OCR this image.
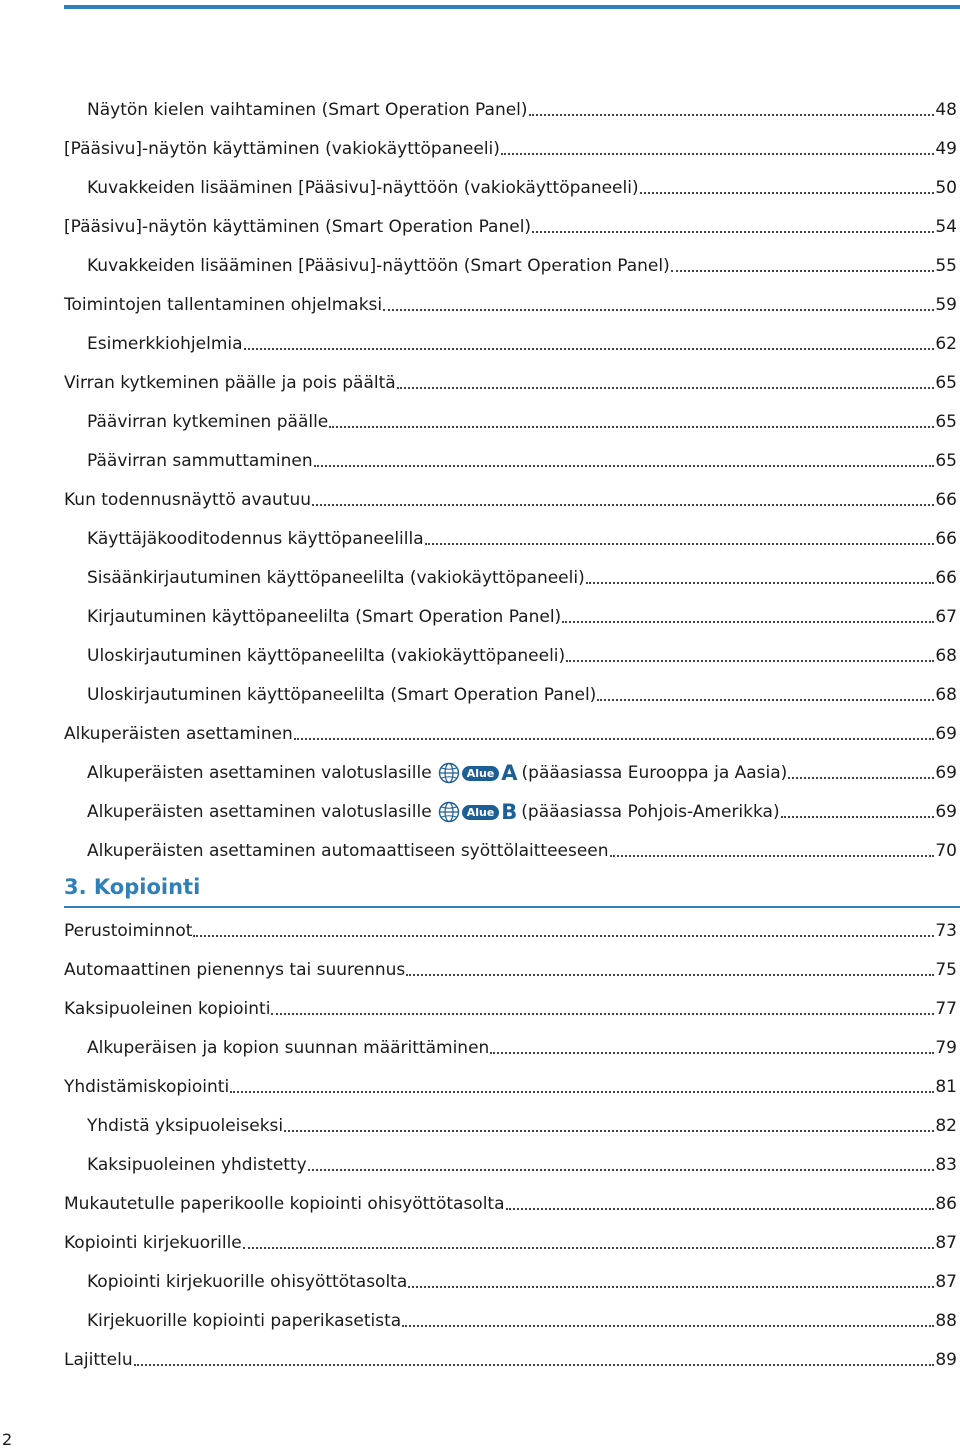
Näytön kielen vaihtaminen (Smart Operation Panel)	48
[Pääsivu]-näytön käyttäminen (vakiokäyttöpaneeli)	49
Kuvakkeiden lisääminen [Pääsivu]-näyttöön (vakiokäyttöpaneeli)	50
[Pääsivu]-näytön käyttäminen (Smart Operation Panel)	54
Kuvakkeiden lisääminen [Pääsivu]-näyttöön (Smart Operation Panel)	55
Toimintojen tallentaminen ohjelmaksi	59
Esimerkkiohjelmia	62
Virran kytkeminen päälle ja pois päältä	65
Päävirran kytkeminen päälle	65
Päävirran sammuttaminen	65
Kun todennusnäyttö avautuu	66
Käyttäjäkooditodennus käyttöpaneelilla	66
Sisäänkirjautuminen käyttöpaneelilta (vakiokäyttöpaneeli)	66
Kirjautuminen käyttöpaneelilta (Smart Operation Panel)	67
Uloskirjautuminen käyttöpaneelilta (vakiokäyttöpaneeli)	68
Uloskirjautuminen käyttöpaneelilta (Smart Operation Panel)	68
Alkuperäisten asettaminen	69
Alkuperäisten asettaminen valotuslasille	Alue A (pääasiassa Eurooppa ja Aasia)	69
Alkuperäisten asettaminen valotuslasille	Alue B (pääasiassa Pohjois-Amerikka)	69
Alkuperäisten asettaminen automaattiseen syöttölaitteeseen	70
Perustoiminnot	73
Automaattinen pienennys tai suurennus	75
Kaksipuoleinen kopiointi	77
Alkuperäisen ja kopion suunnan määrittäminen	79
Yhdistämiskopiointi	81
Yhdistä yksipuoleiseksi	82
Kaksipuoleinen yhdistetty	83
Mukautetulle paperikoolle kopiointi ohisyöttötasolta	86
Kopiointi kirjekuorille	87
Kopiointi kirjekuorille ohisyöttötasolta	87
Kirjekuorille kopiointi paperikasetista	88
Lajittelu	89
3. Kopiointi
2
